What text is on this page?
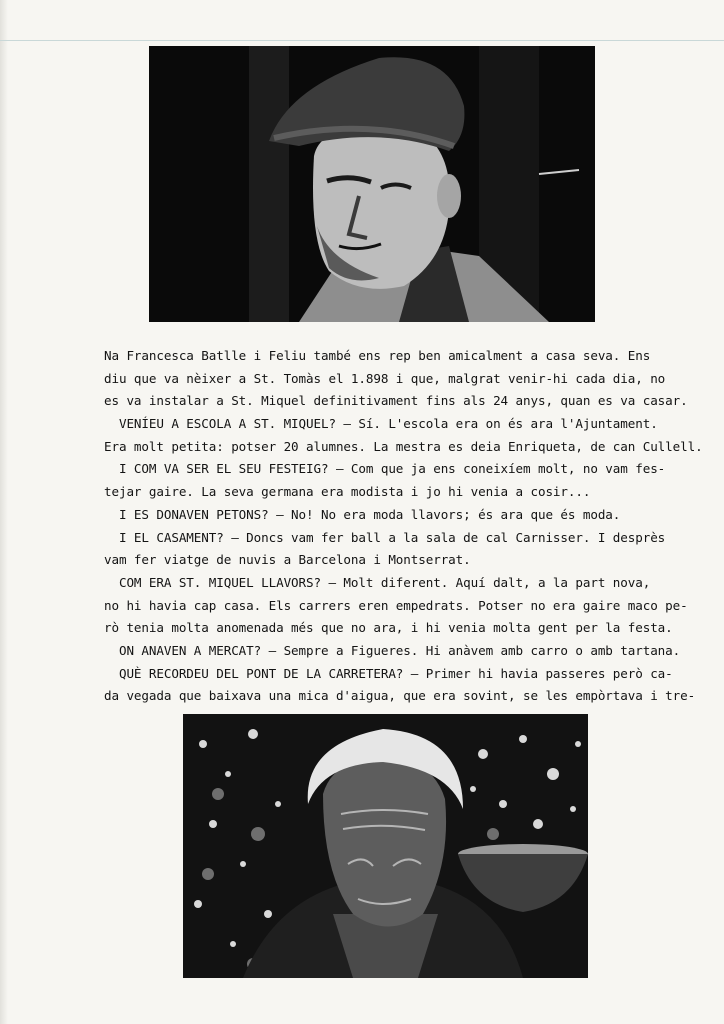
Na Francesca Batlle i Feliu també ens rep ben amicalment a casa seva. Ens
diu que va nèixer a St. Tomàs el 1.898 i que, malgrat venir-hi cada dia, no
es va instalar a St. Miquel definitivament fins als 24 anys, quan es va casar.
VENÍEU A ESCOLA A ST. MIQUEL? — Sí. L'escola era on és ara l'Ajuntament.
Era molt petita: potser 20 alumnes. La mestra es deia Enriqueta, de can Cullell.
I COM VA SER EL SEU FESTEIG? — Com que ja ens coneixíem molt, no vam fes-
tejar gaire. La seva germana era modista i jo hi venia a cosir...
I ES DONAVEN PETONS? — No! No era moda llavors; és ara que és moda.
I EL CASAMENT? — Doncs vam fer ball a la sala de cal Carnisser. I desprès
vam fer viatge de nuvis a Barcelona i Montserrat.
COM ERA ST. MIQUEL LLAVORS? — Molt diferent. Aquí dalt, a la part nova,
no hi havia cap casa. Els carrers eren empedrats. Potser no era gaire maco pe-
rò tenia molta anomenada més que no ara, i hi venia molta gent per la festa.
ON ANAVEN A MERCAT? — Sempre a Figueres. Hi anàvem amb carro o amb tartana.
QUÈ RECORDEU DEL PONT DE LA CARRETERA? — Primer hi havia passeres però ca-
da vegada que baixava una mica d'aigua, que era sovint, se les empòrtava i tre-
